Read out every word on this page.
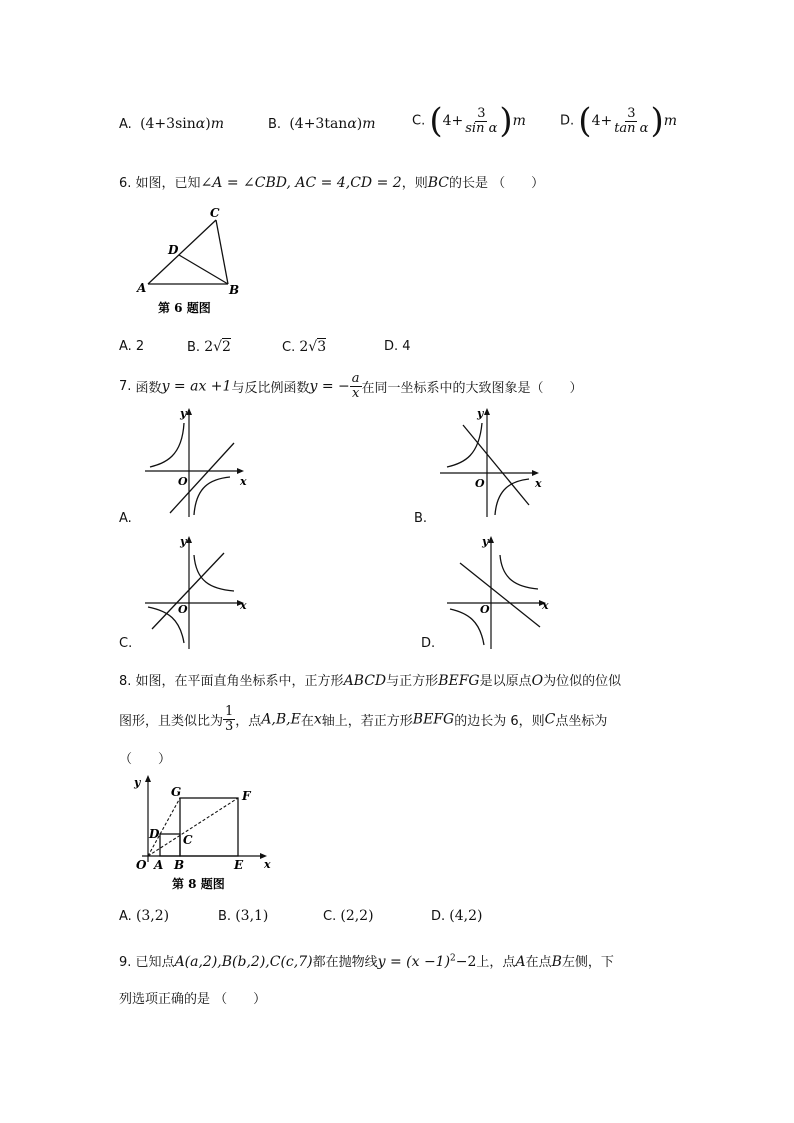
A. (4+3sinα)m	B. (4+3tanα)m	C. $(4+ \frac{3}{\text{sin α}} )m$	D. $(4+ \frac{3}{\text{tan α}} )m$
6. 如图，已知∠A = ∠CBD, AC = 4,CD = 2，则BC的长是 （　　）
A	B
C
D
第 6 题图
A. 2	B. 2√2	C. 2√3	D. 4
7. 函数y = ax +1与反比例函数y = − $\frac{a}{x}$ 在同一坐标系中的大致图象是（　　）
y
x
O
A.
y
x
O
B.
y
x
O
C.
y
x
O
D.
8. 如图，在平面直角坐标系中，正方形ABCD与正方形BEFG是以原点O为位似的位似
图形，且类似比为 $\frac{1}{3}$ ，点A,B,E在x轴上，若正方形BEFG的边长为 6，则C点坐标为
（　　）
y
x
O A B	E
C
D
G	F
第 8 题图
A. (3,2)	B. (3,1)	C. (2,2)	D. (4,2)
9. 已知点A(a,2),B(b,2),C(c,7)都在抛物线$y = (x -1)^2-2$上，点A在点B左侧，下
列选项正确的是 （　　）
